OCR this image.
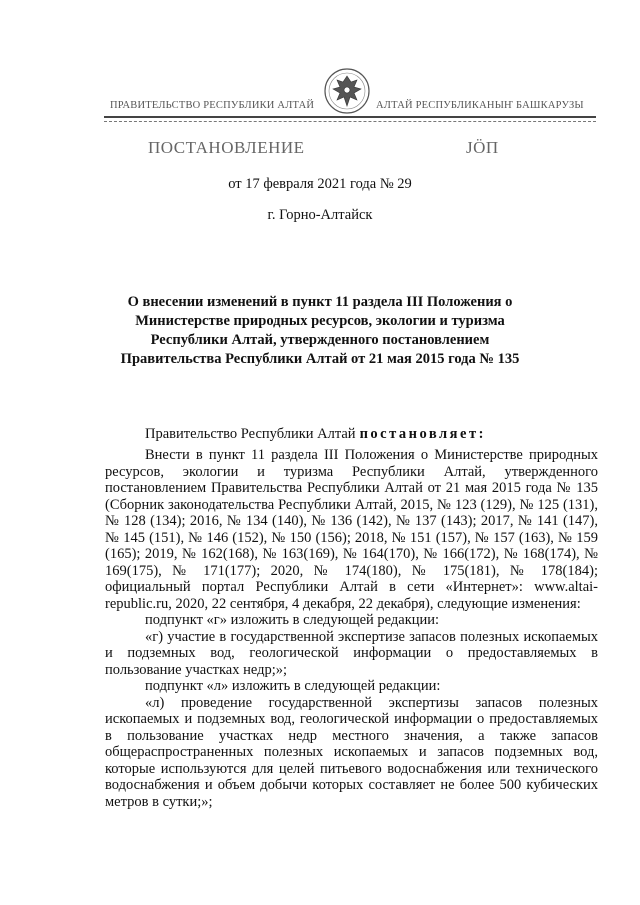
ПРАВИТЕЛЬСТВО РЕСПУБЛИКИ АЛТАЙ	АЛТАЙ РЕСПУБЛИКАНЫҤ БАШКАРУЗЫ
ПОСТАНОВЛЕНИЕ	ЈӦП
от 17 февраля 2021 года № 29
г. Горно-Алтайск
О внесении изменений в пункт 11 раздела III Положения о Министерстве природных ресурсов, экологии и туризма Республики Алтай, утвержденного постановлением Правительства Республики Алтай от 21 мая 2015 года № 135
Правительство Республики Алтай постановляет:

Внести в пункт 11 раздела III Положения о Министерстве природных ресурсов, экологии и туризма Республики Алтай, утвержденного постановлением Правительства Республики Алтай от 21 мая 2015 года № 135 (Сборник законодательства Республики Алтай, 2015, № 123 (129), № 125 (131), № 128 (134); 2016, № 134 (140), № 136 (142), № 137 (143); 2017, № 141 (147), № 145 (151), № 146 (152), № 150 (156); 2018, № 151 (157), № 157 (163), № 159 (165); 2019, № 162(168), № 163(169), № 164(170), № 166(172), № 168(174), № 169(175), № 171(177); 2020, № 174(180), № 175(181), № 178(184); официальный портал Республики Алтай в сети «Интернет»: www.altai-republic.ru, 2020, 22 сентября, 4 декабря, 22 декабря), следующие изменения:

подпункт «г» изложить в следующей редакции:

«г) участие в государственной экспертизе запасов полезных ископаемых и подземных вод, геологической информации о предоставляемых в пользование участках недр;»;

подпункт «л» изложить в следующей редакции:

«л) проведение государственной экспертизы запасов полезных ископаемых и подземных вод, геологической информации о предоставляемых в пользование участках недр местного значения, а также запасов общераспространенных полезных ископаемых и запасов подземных вод, которые используются для целей питьевого водоснабжения или технического водоснабжения и объем добычи которых составляет не более 500 кубических метров в сутки;»;
